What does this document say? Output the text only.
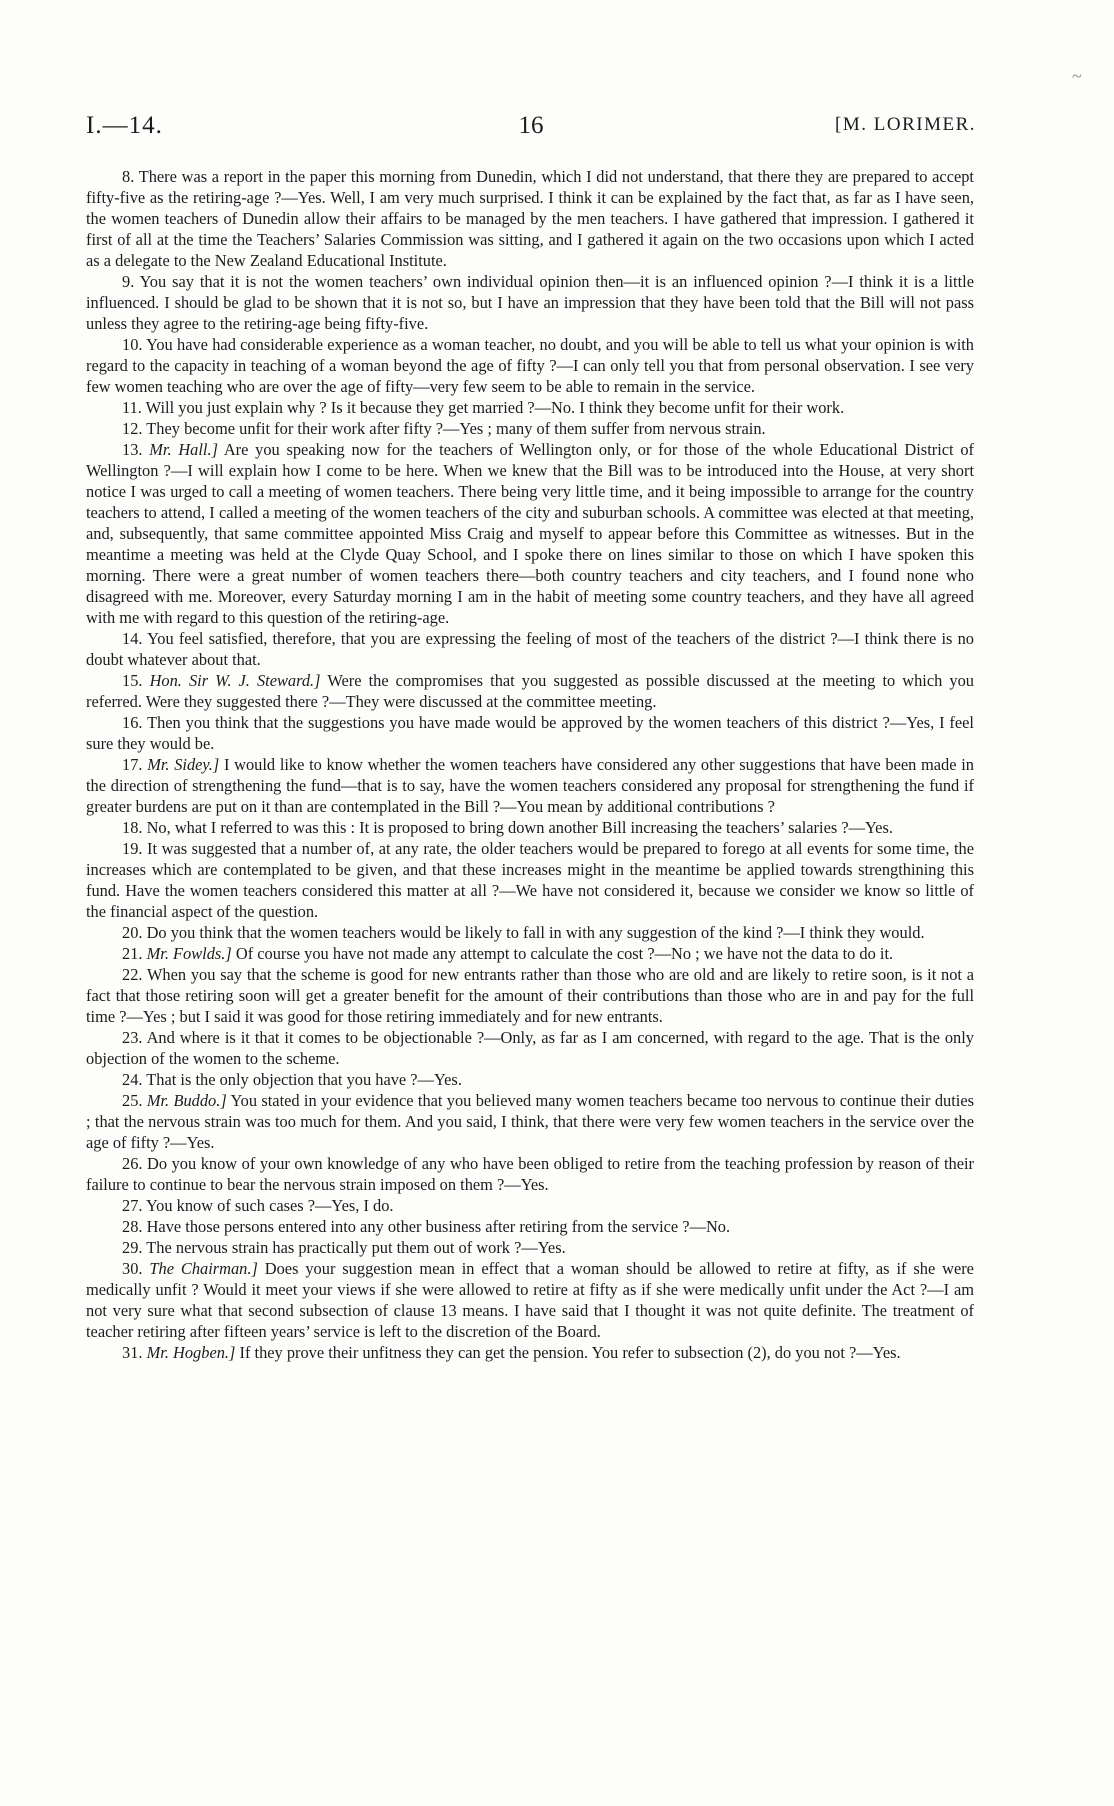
I.—14.	16	[M. LORIMER.
~

8. There was a report in the paper this morning from Dunedin, which I did not understand, that there they are prepared to accept fifty-five as the retiring-age ?—Yes. Well, I am very much surprised. I think it can be explained by the fact that, as far as I have seen, the women teachers of Dunedin allow their affairs to be managed by the men teachers. I have gathered that impression. I gathered it first of all at the time the Teachers’ Salaries Commission was sitting, and I gathered it again on the two occasions upon which I acted as a delegate to the New Zealand Educational Institute.

9. You say that it is not the women teachers’ own individual opinion then—it is an influenced opinion ?—I think it is a little influenced. I should be glad to be shown that it is not so, but I have an impression that they have been told that the Bill will not pass unless they agree to the retiring-age being fifty-five.

10. You have had considerable experience as a woman teacher, no doubt, and you will be able to tell us what your opinion is with regard to the capacity in teaching of a woman beyond the age of fifty ?—I can only tell you that from personal observation. I see very few women teaching who are over the age of fifty—very few seem to be able to remain in the service.

11. Will you just explain why ? Is it because they get married ?—No. I think they become unfit for their work.

12. They become unfit for their work after fifty ?—Yes ; many of them suffer from nervous strain.

13. Mr. Hall.] Are you speaking now for the teachers of Wellington only, or for those of the whole Educational District of Wellington ?—I will explain how I come to be here. When we knew that the Bill was to be introduced into the House, at very short notice I was urged to call a meeting of women teachers. There being very little time, and it being impossible to arrange for the country teachers to attend, I called a meeting of the women teachers of the city and suburban schools. A committee was elected at that meeting, and, subsequently, that same committee appointed Miss Craig and myself to appear before this Committee as witnesses. But in the meantime a meeting was held at the Clyde Quay School, and I spoke there on lines similar to those on which I have spoken this morning. There were a great number of women teachers there—both country teachers and city teachers, and I found none who disagreed with me. Moreover, every Saturday morning I am in the habit of meeting some country teachers, and they have all agreed with me with regard to this question of the retiring-age.

14. You feel satisfied, therefore, that you are expressing the feeling of most of the teachers of the district ?—I think there is no doubt whatever about that.

15. Hon. Sir W. J. Steward.] Were the compromises that you suggested as possible discussed at the meeting to which you referred. Were they suggested there ?—They were discussed at the committee meeting.

16. Then you think that the suggestions you have made would be approved by the women teachers of this district ?—Yes, I feel sure they would be.

17. Mr. Sidey.] I would like to know whether the women teachers have considered any other suggestions that have been made in the direction of strengthening the fund—that is to say, have the women teachers considered any proposal for strengthening the fund if greater burdens are put on it than are contemplated in the Bill ?—You mean by additional contributions ?

18. No, what I referred to was this : It is proposed to bring down another Bill increasing the teachers’ salaries ?—Yes.

19. It was suggested that a number of, at any rate, the older teachers would be prepared to forego at all events for some time, the increases which are contemplated to be given, and that these increases might in the meantime be applied towards strengthining this fund. Have the women teachers considered this matter at all ?—We have not considered it, because we consider we know so little of the financial aspect of the question.

20. Do you think that the women teachers would be likely to fall in with any suggestion of the kind ?—I think they would.

21. Mr. Fowlds.] Of course you have not made any attempt to calculate the cost ?—No ; we have not the data to do it.

22. When you say that the scheme is good for new entrants rather than those who are old and are likely to retire soon, is it not a fact that those retiring soon will get a greater benefit for the amount of their contributions than those who are in and pay for the full time ?—Yes ; but I said it was good for those retiring immediately and for new entrants.

23. And where is it that it comes to be objectionable ?—Only, as far as I am concerned, with regard to the age. That is the only objection of the women to the scheme.

24. That is the only objection that you have ?—Yes.

25. Mr. Buddo.] You stated in your evidence that you believed many women teachers became too nervous to continue their duties ; that the nervous strain was too much for them. And you said, I think, that there were very few women teachers in the service over the age of fifty ?—Yes.

26. Do you know of your own knowledge of any who have been obliged to retire from the teaching profession by reason of their failure to continue to bear the nervous strain imposed on them ?—Yes.

27. You know of such cases ?—Yes, I do.

28. Have those persons entered into any other business after retiring from the service ?—No.

29. The nervous strain has practically put them out of work ?—Yes.

30. The Chairman.] Does your suggestion mean in effect that a woman should be allowed to retire at fifty, as if she were medically unfit ? Would it meet your views if she were allowed to retire at fifty as if she were medically unfit under the Act ?—I am not very sure what that second subsection of clause 13 means. I have said that I thought it was not quite definite. The treatment of teacher retiring after fifteen years’ service is left to the discretion of the Board.

31. Mr. Hogben.] If they prove their unfitness they can get the pension. You refer to subsection (2), do you not ?—Yes.
